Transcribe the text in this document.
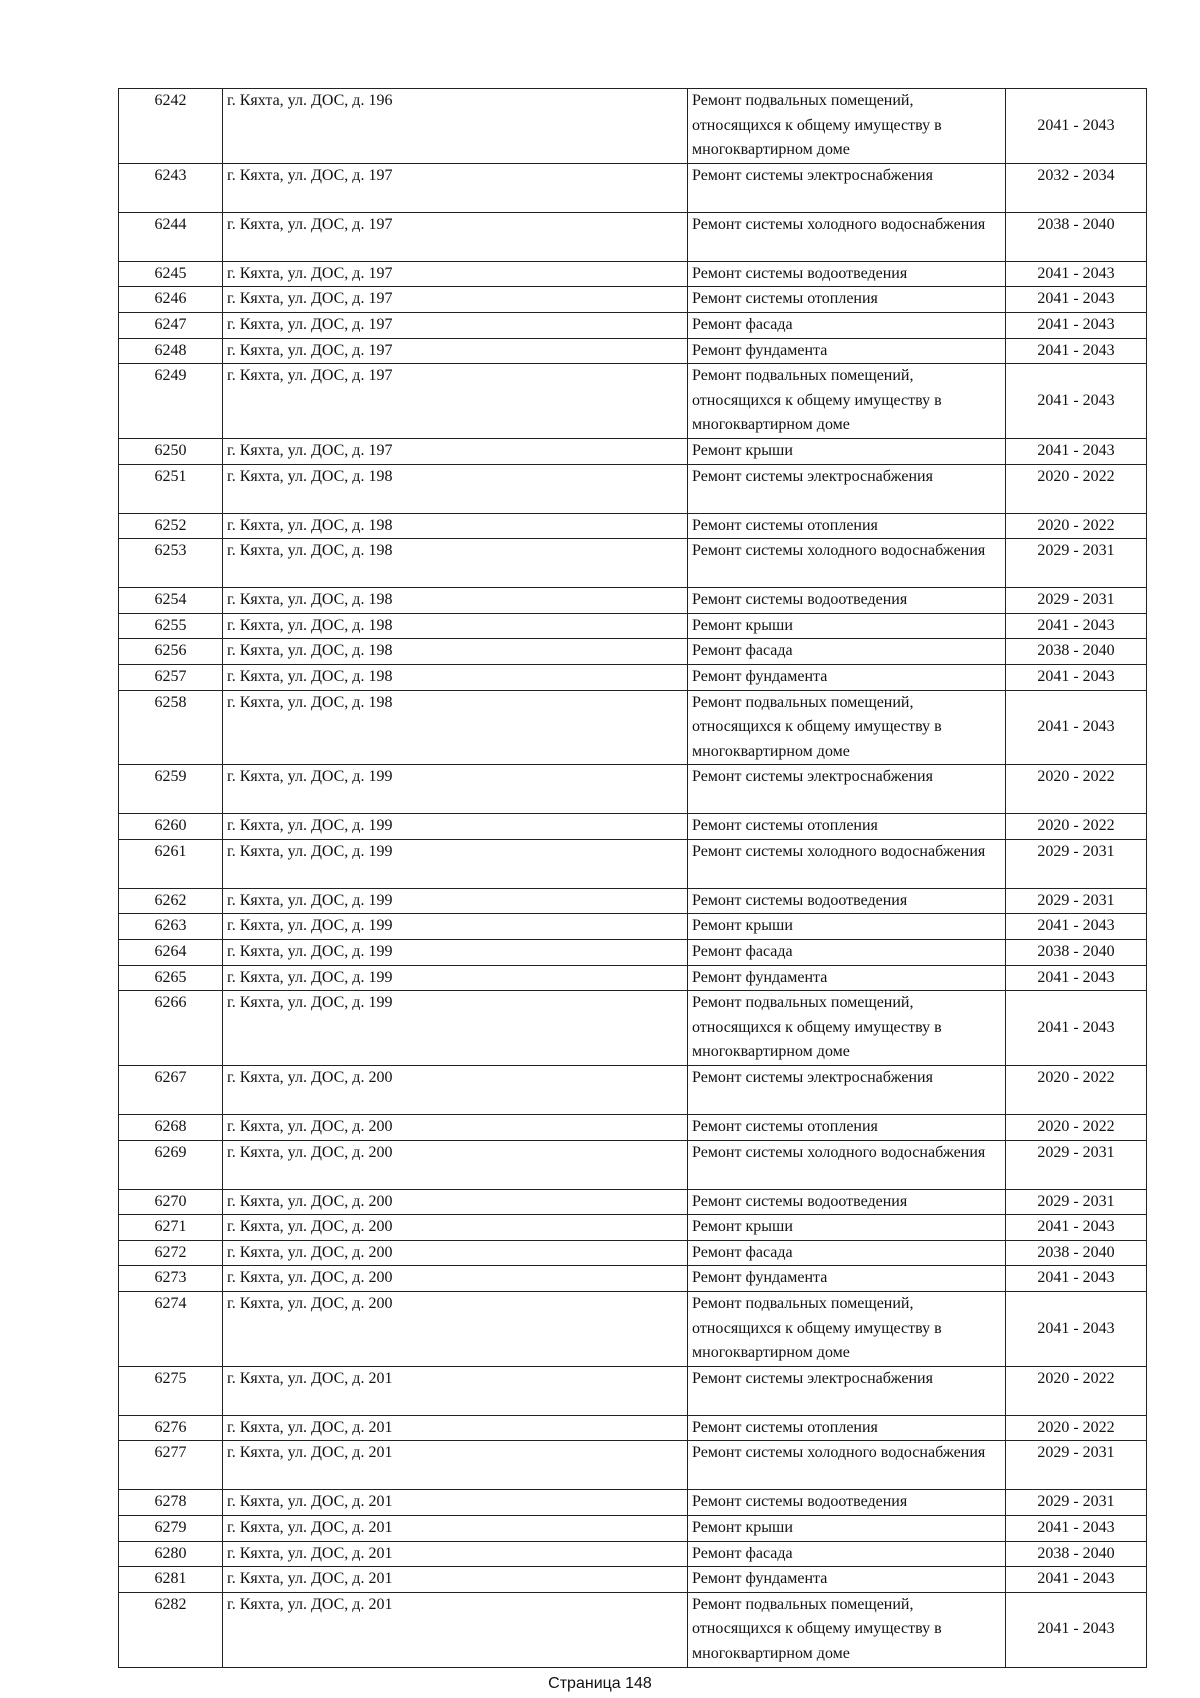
6242	г. Кяхта, ул. ДОС, д. 196	Ремонт подвальных помещений, относящихся к общему имуществу в многоквартирном доме	2041 - 2043
6243	г. Кяхта, ул. ДОС, д. 197	Ремонт системы электроснабжения	2032 - 2034
6244	г. Кяхта, ул. ДОС, д. 197	Ремонт системы холодного водоснабжения	2038 - 2040
6245	г. Кяхта, ул. ДОС, д. 197	Ремонт системы водоотведения	2041 - 2043
6246	г. Кяхта, ул. ДОС, д. 197	Ремонт системы отопления	2041 - 2043
6247	г. Кяхта, ул. ДОС, д. 197	Ремонт фасада	2041 - 2043
6248	г. Кяхта, ул. ДОС, д. 197	Ремонт фундамента	2041 - 2043
6249	г. Кяхта, ул. ДОС, д. 197	Ремонт подвальных помещений, относящихся к общему имуществу в многоквартирном доме	2041 - 2043
6250	г. Кяхта, ул. ДОС, д. 197	Ремонт крыши	2041 - 2043
6251	г. Кяхта, ул. ДОС, д. 198	Ремонт системы электроснабжения	2020 - 2022
6252	г. Кяхта, ул. ДОС, д. 198	Ремонт системы отопления	2020 - 2022
6253	г. Кяхта, ул. ДОС, д. 198	Ремонт системы холодного водоснабжения	2029 - 2031
6254	г. Кяхта, ул. ДОС, д. 198	Ремонт системы водоотведения	2029 - 2031
6255	г. Кяхта, ул. ДОС, д. 198	Ремонт крыши	2041 - 2043
6256	г. Кяхта, ул. ДОС, д. 198	Ремонт фасада	2038 - 2040
6257	г. Кяхта, ул. ДОС, д. 198	Ремонт фундамента	2041 - 2043
6258	г. Кяхта, ул. ДОС, д. 198	Ремонт подвальных помещений, относящихся к общему имуществу в многоквартирном доме	2041 - 2043
6259	г. Кяхта, ул. ДОС, д. 199	Ремонт системы электроснабжения	2020 - 2022
6260	г. Кяхта, ул. ДОС, д. 199	Ремонт системы отопления	2020 - 2022
6261	г. Кяхта, ул. ДОС, д. 199	Ремонт системы холодного водоснабжения	2029 - 2031
6262	г. Кяхта, ул. ДОС, д. 199	Ремонт системы водоотведения	2029 - 2031
6263	г. Кяхта, ул. ДОС, д. 199	Ремонт крыши	2041 - 2043
6264	г. Кяхта, ул. ДОС, д. 199	Ремонт фасада	2038 - 2040
6265	г. Кяхта, ул. ДОС, д. 199	Ремонт фундамента	2041 - 2043
6266	г. Кяхта, ул. ДОС, д. 199	Ремонт подвальных помещений, относящихся к общему имуществу в многоквартирном доме	2041 - 2043
6267	г. Кяхта, ул. ДОС, д. 200	Ремонт системы электроснабжения	2020 - 2022
6268	г. Кяхта, ул. ДОС, д. 200	Ремонт системы отопления	2020 - 2022
6269	г. Кяхта, ул. ДОС, д. 200	Ремонт системы холодного водоснабжения	2029 - 2031
6270	г. Кяхта, ул. ДОС, д. 200	Ремонт системы водоотведения	2029 - 2031
6271	г. Кяхта, ул. ДОС, д. 200	Ремонт крыши	2041 - 2043
6272	г. Кяхта, ул. ДОС, д. 200	Ремонт фасада	2038 - 2040
6273	г. Кяхта, ул. ДОС, д. 200	Ремонт фундамента	2041 - 2043
6274	г. Кяхта, ул. ДОС, д. 200	Ремонт подвальных помещений, относящихся к общему имуществу в многоквартирном доме	2041 - 2043
6275	г. Кяхта, ул. ДОС, д. 201	Ремонт системы электроснабжения	2020 - 2022
6276	г. Кяхта, ул. ДОС, д. 201	Ремонт системы отопления	2020 - 2022
6277	г. Кяхта, ул. ДОС, д. 201	Ремонт системы холодного водоснабжения	2029 - 2031
6278	г. Кяхта, ул. ДОС, д. 201	Ремонт системы водоотведения	2029 - 2031
6279	г. Кяхта, ул. ДОС, д. 201	Ремонт крыши	2041 - 2043
6280	г. Кяхта, ул. ДОС, д. 201	Ремонт фасада	2038 - 2040
6281	г. Кяхта, ул. ДОС, д. 201	Ремонт фундамента	2041 - 2043
6282	г. Кяхта, ул. ДОС, д. 201	Ремонт подвальных помещений, относящихся к общему имуществу в многоквартирном доме	2041 - 2043
Страница 148
